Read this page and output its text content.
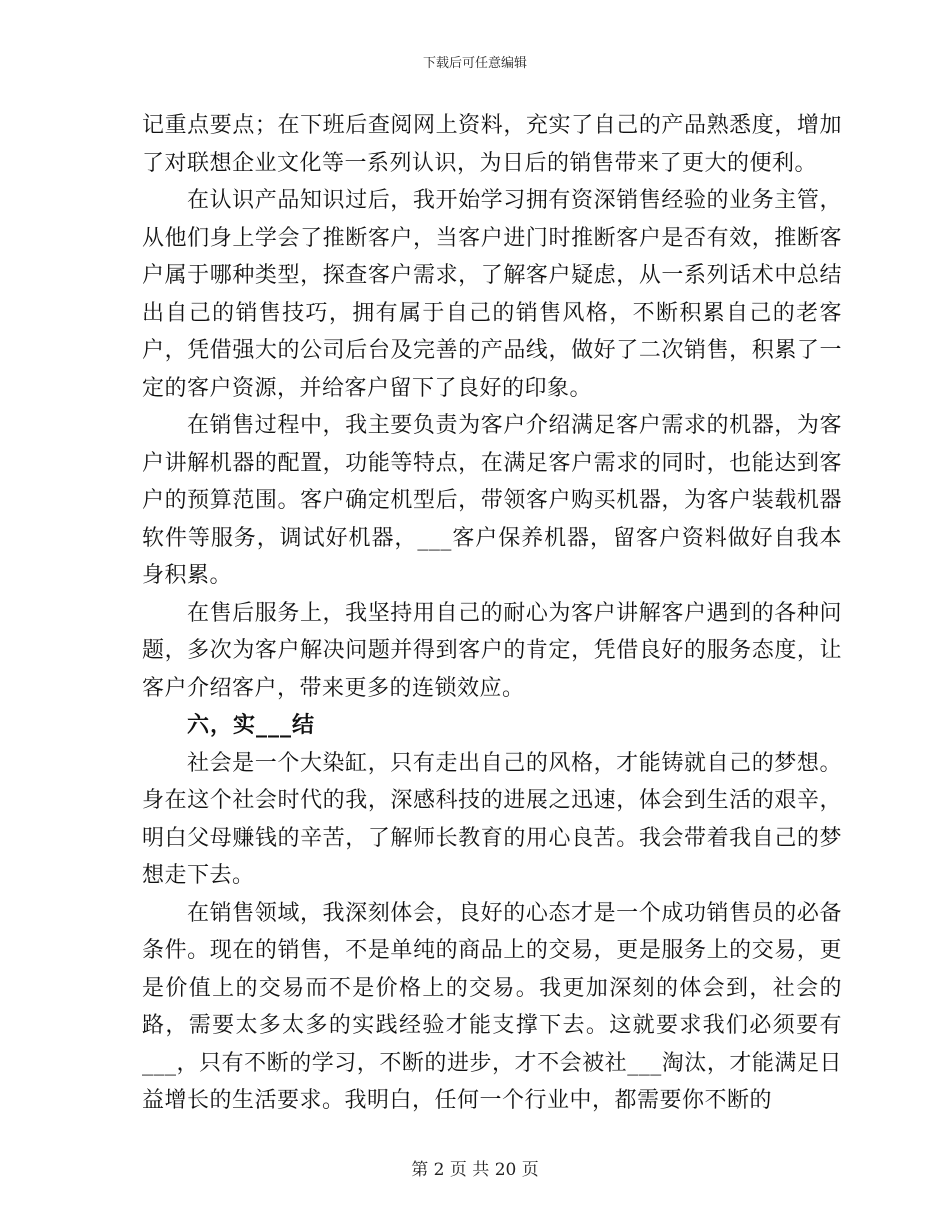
下载后可任意编辑

记重点要点；在下班后查阅网上资料，充实了自己的产品熟悉度，增加了对联想企业文化等一系列认识，为日后的销售带来了更大的便利。

在认识产品知识过后，我开始学习拥有资深销售经验的业务主管，从他们身上学会了推断客户，当客户进门时推断客户是否有效，推断客户属于哪种类型，探查客户需求，了解客户疑虑，从一系列话术中总结出自己的销售技巧，拥有属于自己的销售风格，不断积累自己的老客户，凭借强大的公司后台及完善的产品线，做好了二次销售，积累了一定的客户资源，并给客户留下了良好的印象。

在销售过程中，我主要负责为客户介绍满足客户需求的机器，为客户讲解机器的配置，功能等特点，在满足客户需求的同时，也能达到客户的预算范围。客户确定机型后，带领客户购买机器，为客户装载机器软件等服务，调试好机器，___客户保养机器，留客户资料做好自我本身积累。

在售后服务上，我坚持用自己的耐心为客户讲解客户遇到的各种问题，多次为客户解决问题并得到客户的肯定，凭借良好的服务态度，让客户介绍客户，带来更多的连锁效应。

六，实___结

社会是一个大染缸，只有走出自己的风格，才能铸就自己的梦想。身在这个社会时代的我，深感科技的进展之迅速，体会到生活的艰辛，明白父母赚钱的辛苦，了解师长教育的用心良苦。我会带着我自己的梦想走下去。

在销售领域，我深刻体会，良好的心态才是一个成功销售员的必备条件。现在的销售，不是单纯的商品上的交易，更是服务上的交易，更是价值上的交易而不是价格上的交易。我更加深刻的体会到，社会的路，需要太多太多的实践经验才能支撑下去。这就要求我们必须要有___，只有不断的学习，不断的进步，才不会被社___淘汰，才能满足日益增长的生活要求。我明白，任何一个行业中，都需要你不断的

第 2 页 共 20 页
